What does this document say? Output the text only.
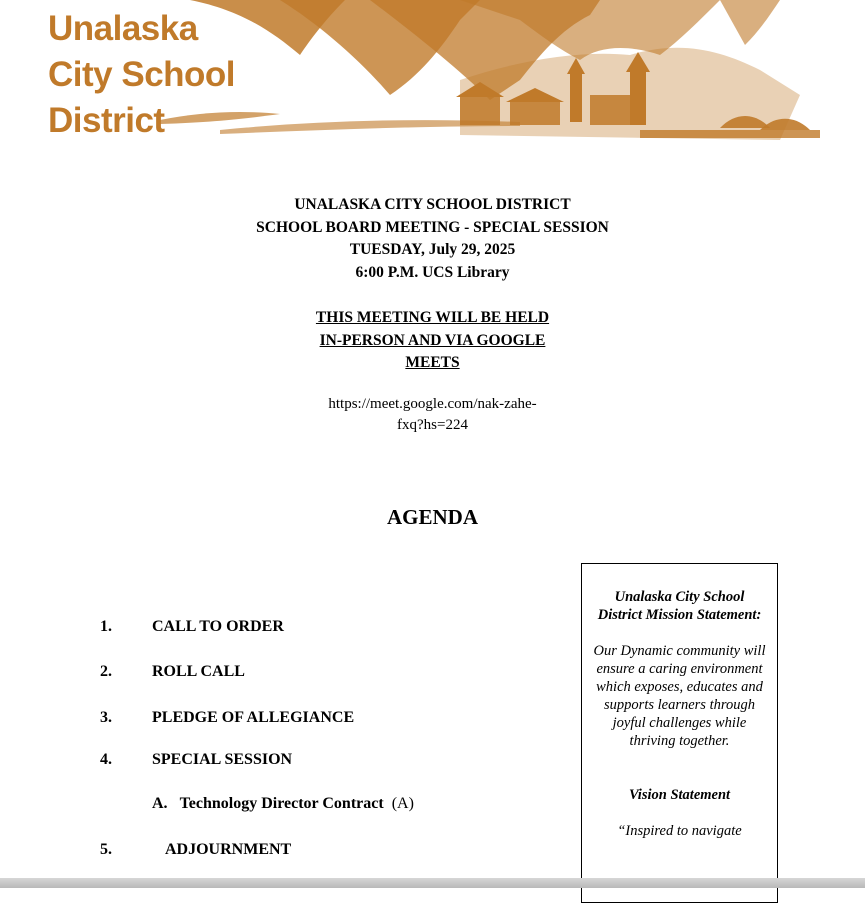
Unalaska
City School
District
UNALASKA CITY SCHOOL DISTRICT
SCHOOL BOARD MEETING - SPECIAL SESSION
TUESDAY, July 29, 2025
6:00 P.M. UCS Library
THIS MEETING WILL BE HELD
IN-PERSON AND VIA GOOGLE
MEETS
https://meet.google.com/nak-zahe-
fxq?hs=224
AGENDA
1.	CALL TO ORDER
2.	ROLL CALL
3.	PLEDGE OF ALLEGIANCE
4.	SPECIAL SESSION
A. Technology Director Contract (A)
5.	ADJOURNMENT
Unalaska City School District Mission Statement:
Our Dynamic community will ensure a caring environment which exposes, educates and supports learners through joyful challenges while thriving together.
Vision Statement
“Inspired to navigate
